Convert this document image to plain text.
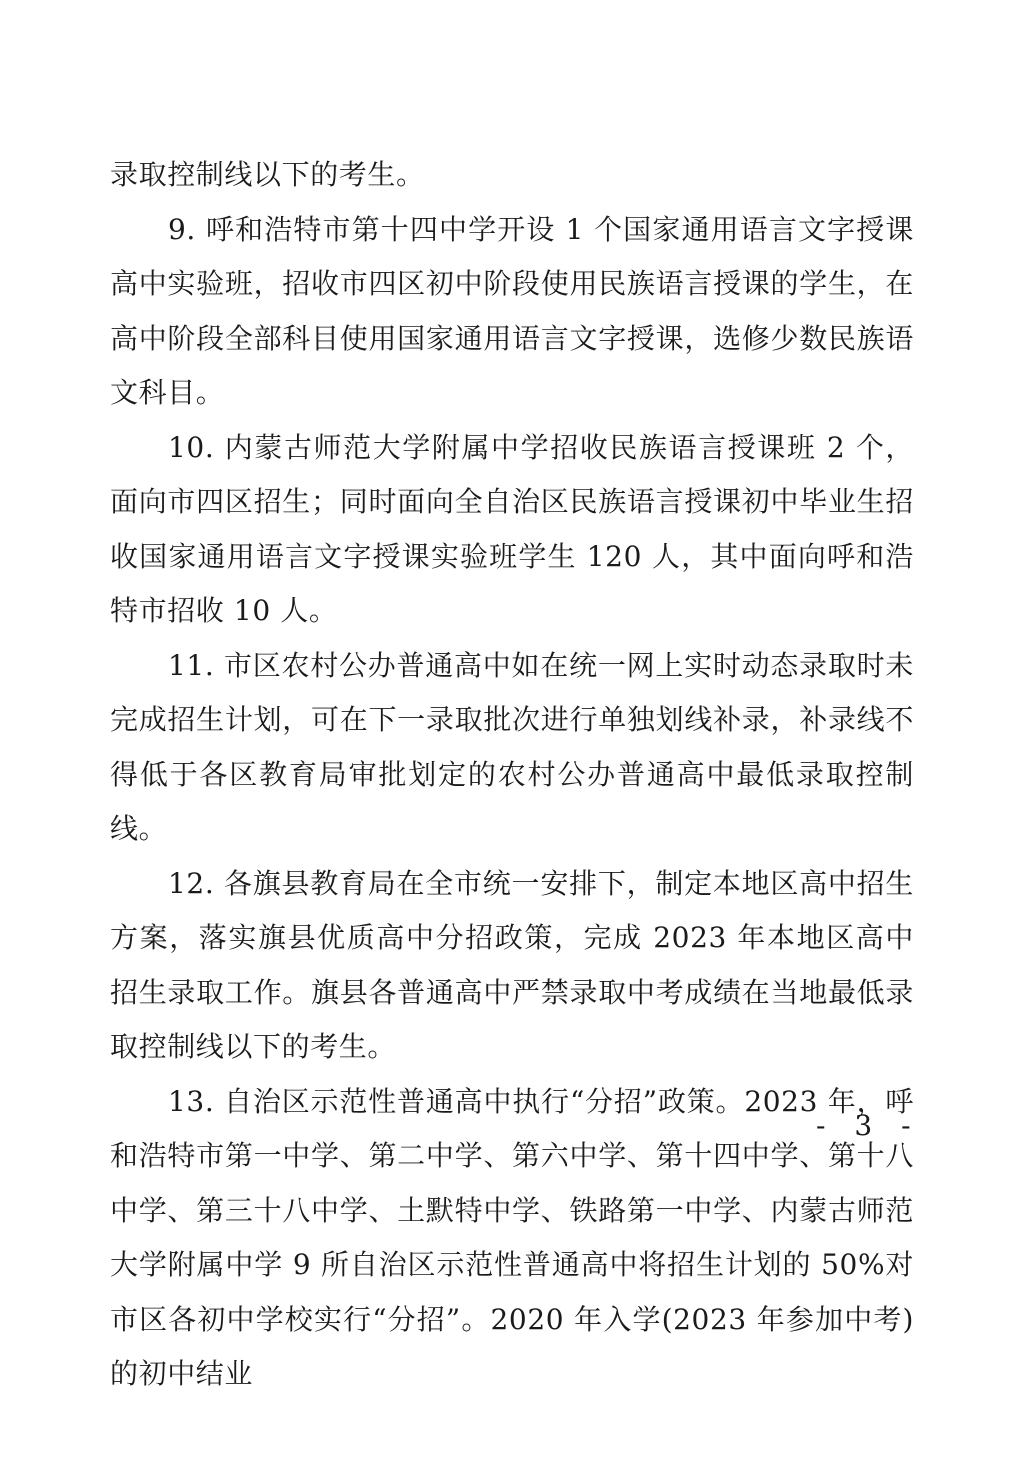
录取控制线以下的考生。

9. 呼和浩特市第十四中学开设 1 个国家通用语言文字授课高中实验班，招收市四区初中阶段使用民族语言授课的学生，在高中阶段全部科目使用国家通用语言文字授课，选修少数民族语文科目。

10. 内蒙古师范大学附属中学招收民族语言授课班 2 个，面向市四区招生；同时面向全自治区民族语言授课初中毕业生招收国家通用语言文字授课实验班学生 120 人，其中面向呼和浩特市招收 10 人。

11. 市区农村公办普通高中如在统一网上实时动态录取时未完成招生计划，可在下一录取批次进行单独划线补录，补录线不得低于各区教育局审批划定的农村公办普通高中最低录取控制线。

12. 各旗县教育局在全市统一安排下，制定本地区高中招生方案，落实旗县优质高中分招政策，完成 2023 年本地区高中招生录取工作。旗县各普通高中严禁录取中考成绩在当地最低录取控制线以下的考生。

13. 自治区示范性普通高中执行“分招”政策。2023 年，呼和浩特市第一中学、第二中学、第六中学、第十四中学、第十八中学、第三十八中学、土默特中学、铁路第一中学、内蒙古师范大学附属中学 9 所自治区示范性普通高中将招生计划的 50%对市区各初中学校实行“分招”。2020 年入学(2023 年参加中考)的初中结业

- 3 -
